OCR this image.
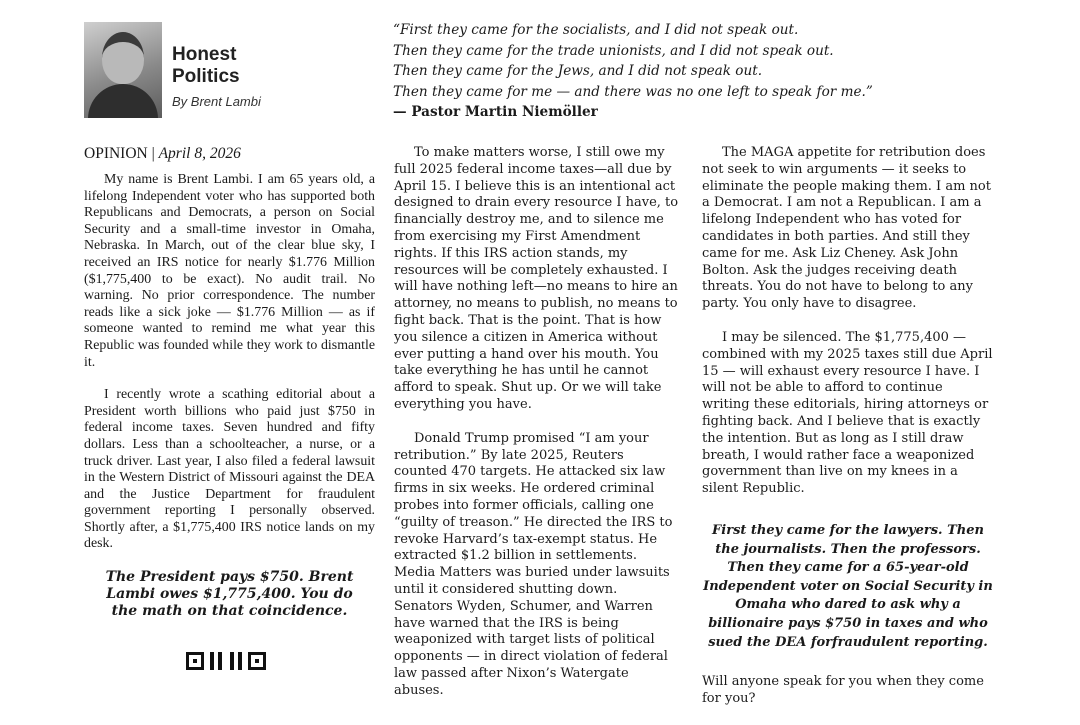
Honest
Politics
By Brent Lambi
“First they came for the socialists, and I did not speak out.
Then they came for the trade unionists, and I did not speak out.
Then they came for the Jews, and I did not speak out.
Then they came for me — and there was no one left to speak for me.”
— Pastor Martin Niemöller
OPINION | April 8, 2026

My name is Brent Lambi. I am 65 years old, a lifelong Independent voter who has supported both Republicans and Democrats, a person on Social Security and a small-time investor in Omaha, Nebraska. In March, out of the clear blue sky, I received an IRS notice for nearly $1.776 Million ($1,775,400 to be exact). No audit trail. No warning. No prior correspondence. The number reads like a sick joke — $1.776 Million — as if someone wanted to remind me what year this Republic was founded while they work to dismantle it.

I recently wrote a scathing editorial about a President worth billions who paid just $750 in federal income taxes. Seven hundred and fifty dollars. Less than a schoolteacher, a nurse, or a truck driver. Last year, I also filed a federal lawsuit in the Western District of Missouri against the DEA and the Justice Department for fraudulent government reporting I personally observed. Shortly after, a $1,775,400 IRS notice lands on my desk.

The President pays $750. Brent Lambi owes $1,775,400. You do the math on that coincidence.

To make matters worse, I still owe my full 2025 federal income taxes—all due by April 15. I believe this is an intentional act designed to drain every resource I have, to financially destroy me, and to silence me from exercising my First Amendment rights. If this IRS action stands, my resources will be completely exhausted. I will have nothing left—no means to hire an attorney, no means to publish, no means to fight back. That is the point. That is how you silence a citizen in America without ever putting a hand over his mouth. You take everything he has until he cannot afford to speak. Shut up. Or we will take everything you have.

Donald Trump promised “I am your retribution.” By late 2025, Reuters counted 470 targets. He attacked six law firms in six weeks. He ordered criminal probes into former officials, calling one “guilty of treason.” He directed the IRS to revoke Harvard’s tax-exempt status. He extracted $1.2 billion in settlements. Media Matters was buried under lawsuits until it considered shutting down. Senators Wyden, Schumer, and Warren have warned that the IRS is being weaponized with target lists of political opponents — in direct violation of federal law passed after Nixon’s Watergate abuses.

The MAGA appetite for retribution does not seek to win arguments — it seeks to eliminate the people making them. I am not a Democrat. I am not a Republican. I am a lifelong Independent who has voted for candidates in both parties. And still they came for me. Ask Liz Cheney. Ask John Bolton. Ask the judges receiving death threats. You do not have to belong to any party. You only have to disagree.

I may be silenced. The $1,775,400 — combined with my 2025 taxes still due April 15 — will exhaust every resource I have. I will not be able to afford to continue writing these editorials, hiring attorneys or fighting back. And I believe that is exactly the intention. But as long as I still draw breath, I would rather face a weaponized government than live on my knees in a silent Republic.

First they came for the lawyers. Then the journalists. Then the professors. Then they came for a 65-year-old Independent voter on Social Security in Omaha who dared to ask why a billionaire pays $750 in taxes and who sued the DEA forfraudulent reporting.

Will anyone speak for you when they come for you?
